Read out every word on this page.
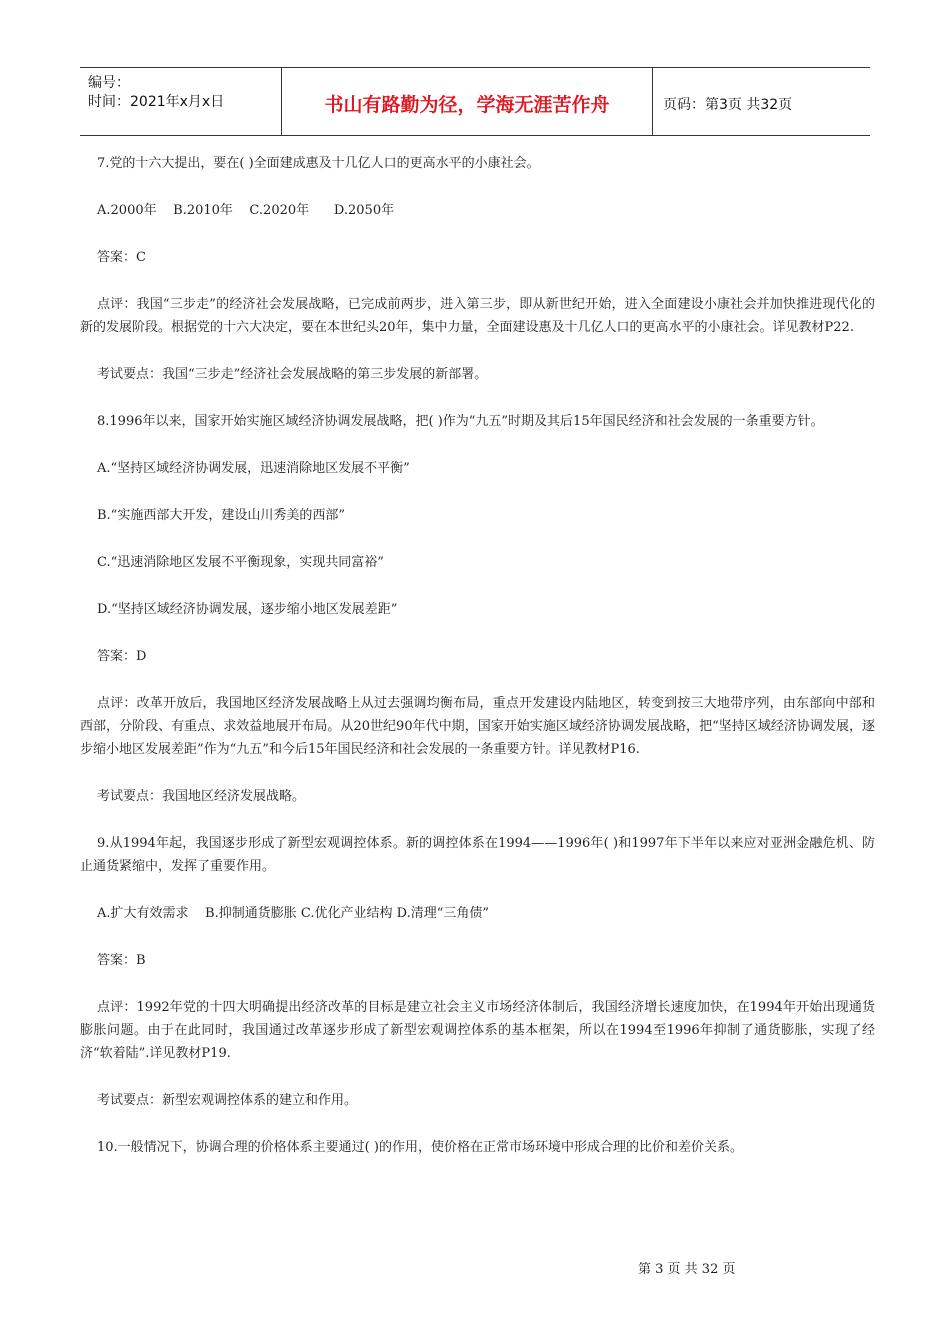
编号：
时间：2021年x月x日	书山有路勤为径，学海无涯苦作舟	页码：第3页 共32页

7.党的十六大提出，要在( )全面建成惠及十几亿人口的更高水平的小康社会。

A.2000年    B.2010年    C.2020年      D.2050年

答案：C

点评：我国“三步走”的经济社会发展战略，已完成前两步，进入第三步，即从新世纪开始，进入全面建设小康社会并加快推进现代化的新的发展阶段。根据党的十六大决定，要在本世纪头20年，集中力量，全面建设惠及十几亿人口的更高水平的小康社会。详见教材P22.

考试要点：我国“三步走”经济社会发展战略的第三步发展的新部署。

8.1996年以来，国家开始实施区域经济协调发展战略，把( )作为“九五”时期及其后15年国民经济和社会发展的一条重要方针。

A.“坚持区域经济协调发展，迅速消除地区发展不平衡”

B.“实施西部大开发，建设山川秀美的西部”

C.“迅速消除地区发展不平衡现象，实现共同富裕”

D.“坚持区域经济协调发展，逐步缩小地区发展差距”

答案：D

点评：改革开放后，我国地区经济发展战略上从过去强调均衡布局，重点开发建设内陆地区，转变到按三大地带序列，由东部向中部和西部，分阶段、有重点、求效益地展开布局。从20世纪90年代中期，国家开始实施区域经济协调发展战略，把“坚持区域经济协调发展，逐步缩小地区发展差距”作为“九五”和今后15年国民经济和社会发展的一条重要方针。详见教材P16.

考试要点：我国地区经济发展战略。

9.从1994年起，我国逐步形成了新型宏观调控体系。新的调控体系在1994——1996年( )和1997年下半年以来应对亚洲金融危机、防止通货紧缩中，发挥了重要作用。

A.扩大有效需求    B.抑制通货膨胀 C.优化产业结构 D.清理“三角债”

答案：B

点评：1992年党的十四大明确提出经济改革的目标是建立社会主义市场经济体制后，我国经济增长速度加快，在1994年开始出现通货膨胀问题。由于在此同时，我国通过改革逐步形成了新型宏观调控体系的基本框架，所以在1994至1996年抑制了通货膨胀，实现了经济“软着陆”.详见教材P19.

考试要点：新型宏观调控体系的建立和作用。

10.一般情况下，协调合理的价格体系主要通过( )的作用，使价格在正常市场环境中形成合理的比价和差价关系。

第 3 页 共 32 页
